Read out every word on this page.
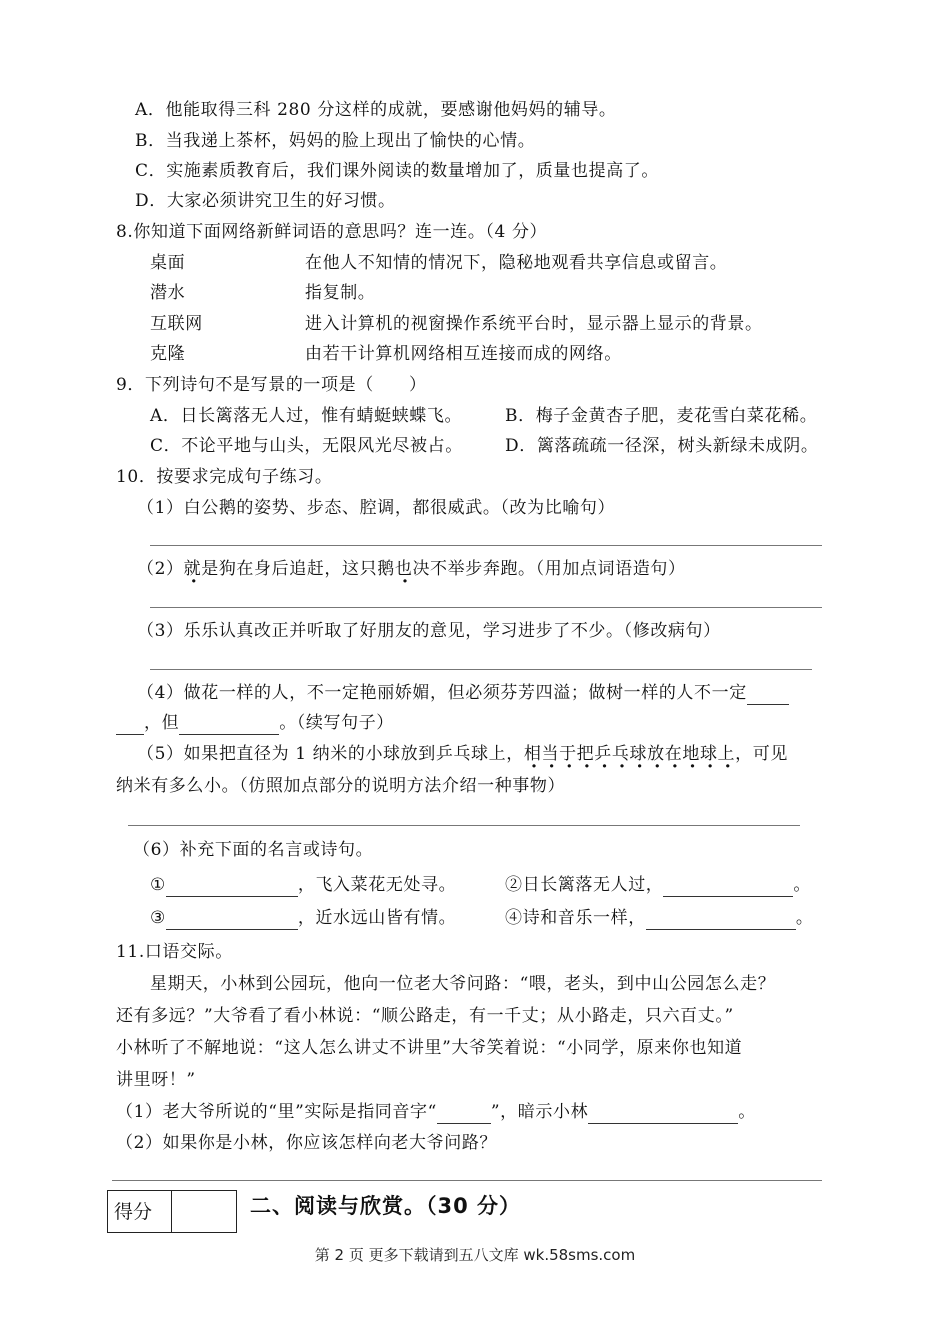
A．他能取得三科 280 分这样的成就，要感谢他妈妈的辅导。
B．当我递上茶杯，妈妈的脸上现出了愉快的心情。
C．实施素质教育后，我们课外阅读的数量增加了，质量也提高了。
D．大家必须讲究卫生的好习惯。
8.你知道下面网络新鲜词语的意思吗？连一连。（4 分）
桌面	在他人不知情的情况下，隐秘地观看共享信息或留言。
潜水	指复制。
互联网	进入计算机的视窗操作系统平台时，显示器上显示的背景。
克隆	由若干计算机网络相互连接而成的网络。
9．下列诗句不是写景的一项是（　　）
A．日长篱落无人过，惟有蜻蜓蛱蝶飞。	B．梅子金黄杏子肥，麦花雪白菜花稀。
C．不论平地与山头，无限风光尽被占。 D．篱落疏疏一径深，树头新绿未成阴。
10．按要求完成句子练习。
（1）白公鹅的姿势、步态、腔调，都很威武。（改为比喻句）
（2）就是狗在身后追赶，这只鹅也决不举步奔跑。（用加点词语造句）
（3）乐乐认真改正并听取了好朋友的意见，学习进步了不少。（修改病句）
（4）做花一样的人，不一定艳丽娇媚，但必须芬芳四溢；做树一样的人不一定
，但	。（续写句子）
（5）如果把直径为 1 纳米的小球放到乒乓球上，相当于把乒乓球放在地球上，可见
纳米有多么小。（仿照加点部分的说明方法介绍一种事物）
（6）补充下面的名言或诗句。
①	，飞入菜花无处寻。	②日长篱落无人过，	。
③	，近水远山皆有情。	④诗和音乐一样，	。
11.口语交际。
星期天，小林到公园玩，他向一位老大爷问路：“喂，老头，到中山公园怎么走？
还有多远？”大爷看了看小林说：“顺公路走，有一千丈；从小路走，只六百丈。”
小林听了不解地说：“这人怎么讲丈不讲里”大爷笑着说：“小同学，原来你也知道
讲里呀！”
（1）老大爷所说的“里”实际是指同音字“	”，暗示小林	。
（2）如果你是小林，你应该怎样向老大爷问路？
得分	二、阅读与欣赏。（30 分）
第 2 页 更多下载请到五八文库 wk.58sms.com
